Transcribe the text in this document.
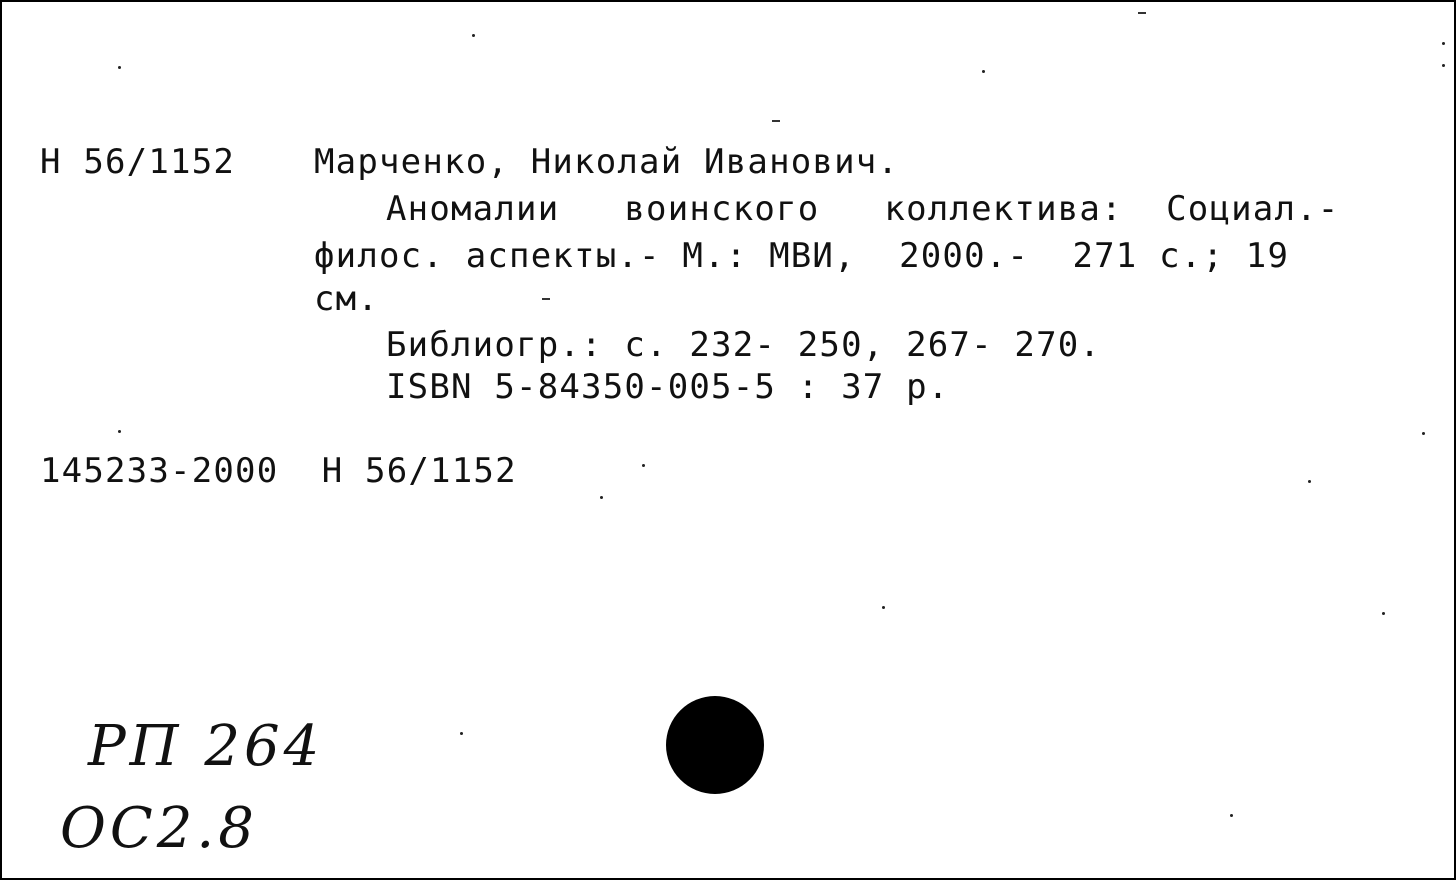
Н 56/1152 Марченко, Николай Иванович.
Аномалии   воинского   коллектива:  Социал.-
филос. аспекты.- М.: МВИ,  2000.-  271 с.; 19
см.
Библиогр.: с. 232- 250, 267- 270.
ISBN 5-84350-005-5 : 37 р.
145233-2000  Н 56/1152
РП 264
ОС2.8
